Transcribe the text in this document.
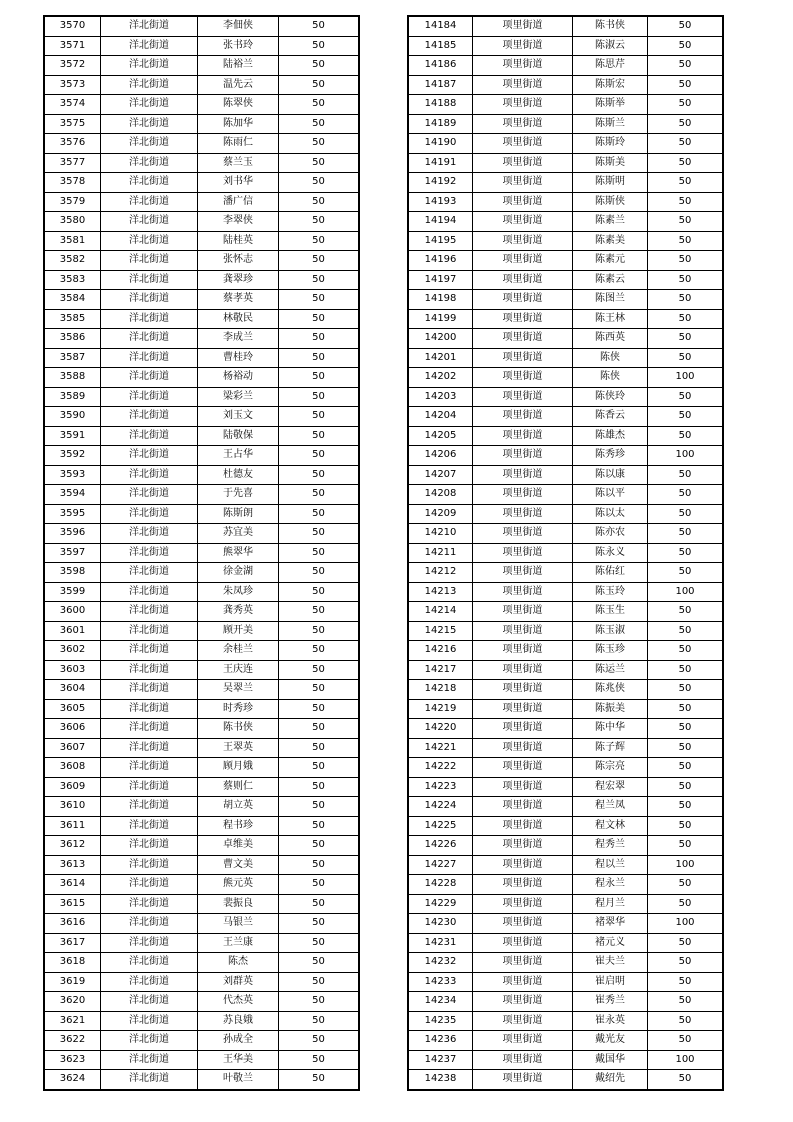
3570	洋北街道	李佃侠	50
3571	洋北街道	张书玲	50
3572	洋北街道	陆裕兰	50
3573	洋北街道	温先云	50
3574	洋北街道	陈翠侠	50
3575	洋北街道	陈加华	50
3576	洋北街道	陈雨仁	50
3577	洋北街道	蔡兰玉	50
3578	洋北街道	刘书华	50
3579	洋北街道	潘广信	50
3580	洋北街道	李翠侠	50
3581	洋北街道	陆桂英	50
3582	洋北街道	张怀志	50
3583	洋北街道	龚翠珍	50
3584	洋北街道	蔡孝英	50
3585	洋北街道	林敬民	50
3586	洋北街道	李成兰	50
3587	洋北街道	曹桂玲	50
3588	洋北街道	杨裕动	50
3589	洋北街道	梁彩兰	50
3590	洋北街道	刘玉文	50
3591	洋北街道	陆敬保	50
3592	洋北街道	王占华	50
3593	洋北街道	杜德友	50
3594	洋北街道	于先喜	50
3595	洋北街道	陈斯朗	50
3596	洋北街道	苏宜美	50
3597	洋北街道	熊翠华	50
3598	洋北街道	徐金湖	50
3599	洋北街道	朱凤珍	50
3600	洋北街道	龚秀英	50
3601	洋北街道	顾开美	50
3602	洋北街道	余桂兰	50
3603	洋北街道	王庆连	50
3604	洋北街道	吴翠兰	50
3605	洋北街道	时秀珍	50
3606	洋北街道	陈书侠	50
3607	洋北街道	王翠英	50
3608	洋北街道	顾月娥	50
3609	洋北街道	蔡则仁	50
3610	洋北街道	胡立英	50
3611	洋北街道	程书珍	50
3612	洋北街道	卓维美	50
3613	洋北街道	曹文美	50
3614	洋北街道	熊元英	50
3615	洋北街道	裴振良	50
3616	洋北街道	马银兰	50
3617	洋北街道	王兰康	50
3618	洋北街道	陈杰	50
3619	洋北街道	刘群英	50
3620	洋北街道	代杰英	50
3621	洋北街道	苏良娥	50
3622	洋北街道	孙成全	50
3623	洋北街道	王华美	50
3624	洋北街道	叶敬兰	50
14184	项里街道	陈书侠	50
14185	项里街道	陈淑云	50
14186	项里街道	陈思芹	50
14187	项里街道	陈斯宏	50
14188	项里街道	陈斯举	50
14189	项里街道	陈斯兰	50
14190	项里街道	陈斯玲	50
14191	项里街道	陈斯美	50
14192	项里街道	陈斯明	50
14193	项里街道	陈斯侠	50
14194	项里街道	陈素兰	50
14195	项里街道	陈素美	50
14196	项里街道	陈素元	50
14197	项里街道	陈素云	50
14198	项里街道	陈图兰	50
14199	项里街道	陈王林	50
14200	项里街道	陈西英	50
14201	项里街道	陈侠	50
14202	项里街道	陈侠	100
14203	项里街道	陈侠玲	50
14204	项里街道	陈香云	50
14205	项里街道	陈雄杰	50
14206	项里街道	陈秀珍	100
14207	项里街道	陈以康	50
14208	项里街道	陈以平	50
14209	项里街道	陈以太	50
14210	项里街道	陈亦农	50
14211	项里街道	陈永义	50
14212	项里街道	陈佑红	50
14213	项里街道	陈玉玲	100
14214	项里街道	陈玉生	50
14215	项里街道	陈玉淑	50
14216	项里街道	陈玉珍	50
14217	项里街道	陈运兰	50
14218	项里街道	陈兆侠	50
14219	项里街道	陈振美	50
14220	项里街道	陈中华	50
14221	项里街道	陈子辉	50
14222	项里街道	陈宗亮	50
14223	项里街道	程宏翠	50
14224	项里街道	程兰凤	50
14225	项里街道	程文林	50
14226	项里街道	程秀兰	50
14227	项里街道	程以兰	100
14228	项里街道	程永兰	50
14229	项里街道	程月兰	50
14230	项里街道	褚翠华	100
14231	项里街道	褚元义	50
14232	项里街道	崔夫兰	50
14233	项里街道	崔启明	50
14234	项里街道	崔秀兰	50
14235	项里街道	崔永英	50
14236	项里街道	戴光友	50
14237	项里街道	戴国华	100
14238	项里街道	戴绍先	50
